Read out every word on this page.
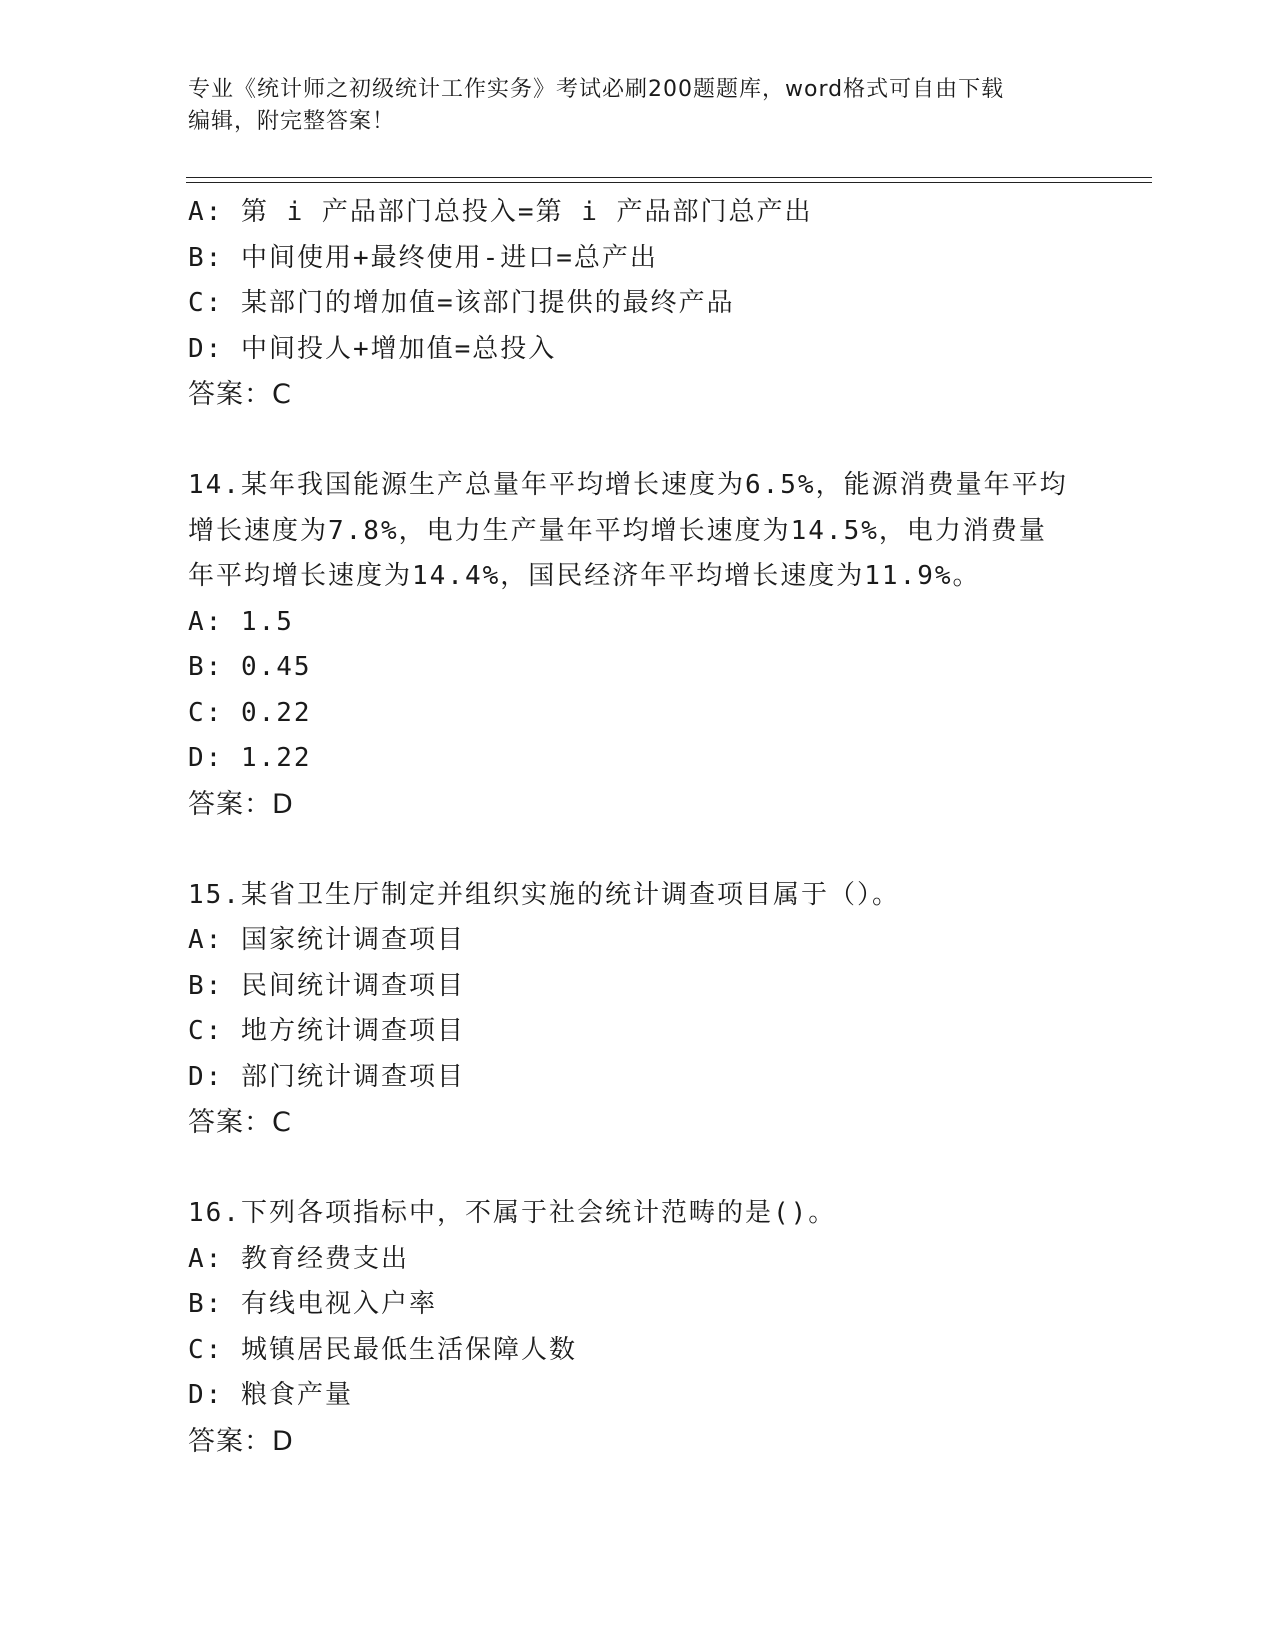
专业《统计师之初级统计工作实务》考试必刷200题题库，word格式可自由下载
编辑，附完整答案！
A: 第 i 产品部门总投入=第 i 产品部门总产出
B: 中间使用+最终使用-进口=总产出
C: 某部门的增加值=该部门提供的最终产品
D: 中间投人+增加值=总投入
答案：C
14.某年我国能源生产总量年平均增长速度为6.5%，能源消费量年平均
增长速度为7.8%，电力生产量年平均增长速度为14.5%，电力消费量
年平均增长速度为14.4%，国民经济年平均增长速度为11.9%。
A: 1.5
B: 0.45
C: 0.22
D: 1.22
答案：D
15.某省卫生厅制定并组织实施的统计调查项目属于（）。
A: 国家统计调查项目
B: 民间统计调查项目
C: 地方统计调查项目
D: 部门统计调查项目
答案：C
16.下列各项指标中，不属于社会统计范畴的是()。
A: 教育经费支出
B: 有线电视入户率
C: 城镇居民最低生活保障人数
D: 粮食产量
答案：D
